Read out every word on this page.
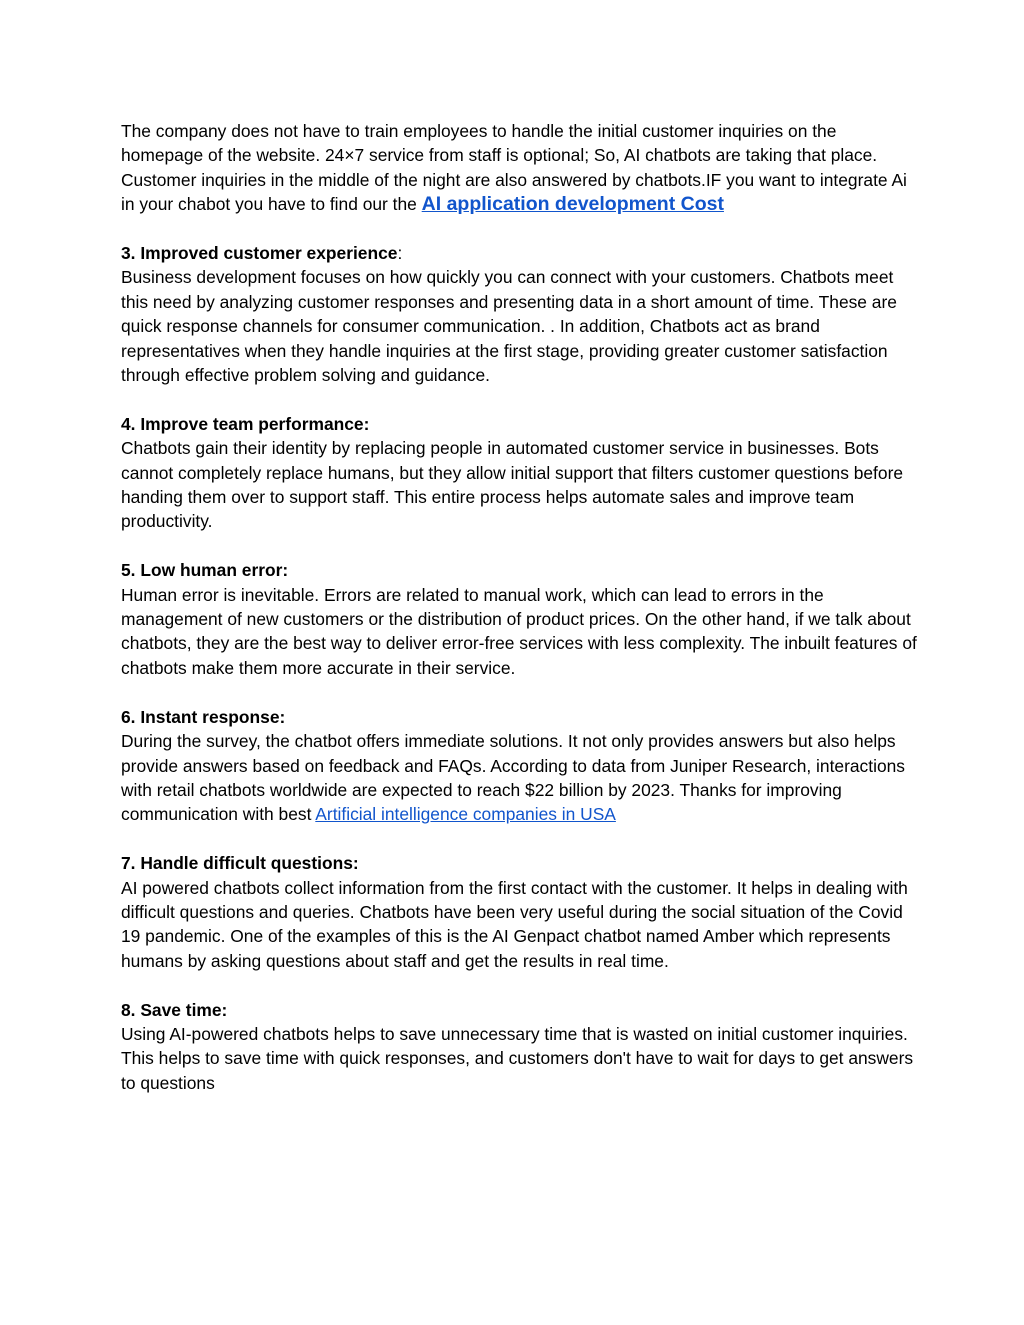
The company does not have to train employees to handle the initial customer inquiries on the homepage of the website. 24×7 service from staff is optional; So, AI chatbots are taking that place. Customer inquiries in the middle of the night are also answered by chatbots.IF you want to integrate Ai in your chabot you have to find our the AI application development Cost

3. Improved customer experience:

Business development focuses on how quickly you can connect with your customers. Chatbots meet this need by analyzing customer responses and presenting data in a short amount of time. These are quick response channels for consumer communication. . In addition, Chatbots act as brand representatives when they handle inquiries at the first stage, providing greater customer satisfaction through effective problem solving and guidance.

4. Improve team performance:

Chatbots gain their identity by replacing people in automated customer service in businesses. Bots cannot completely replace humans, but they allow initial support that filters customer questions before handing them over to support staff. This entire process helps automate sales and improve team productivity.

5. Low human error:

Human error is inevitable. Errors are related to manual work, which can lead to errors in the management of new customers or the distribution of product prices. On the other hand, if we talk about chatbots, they are the best way to deliver error-free services with less complexity. The inbuilt features of chatbots make them more accurate in their service.

6. Instant response:

During the survey, the chatbot offers immediate solutions. It not only provides answers but also helps provide answers based on feedback and FAQs. According to data from Juniper Research, interactions with retail chatbots worldwide are expected to reach $22 billion by 2023. Thanks for improving communication with best Artificial intelligence companies in USA

7. Handle difficult questions:

AI powered chatbots collect information from the first contact with the customer. It helps in dealing with difficult questions and queries. Chatbots have been very useful during the social situation of the Covid 19 pandemic. One of the examples of this is the AI Genpact chatbot named Amber which represents humans by asking questions about staff and get the results in real time.

8. Save time:

Using AI-powered chatbots helps to save unnecessary time that is wasted on initial customer inquiries. This helps to save time with quick responses, and customers don't have to wait for days to get answers to questions
